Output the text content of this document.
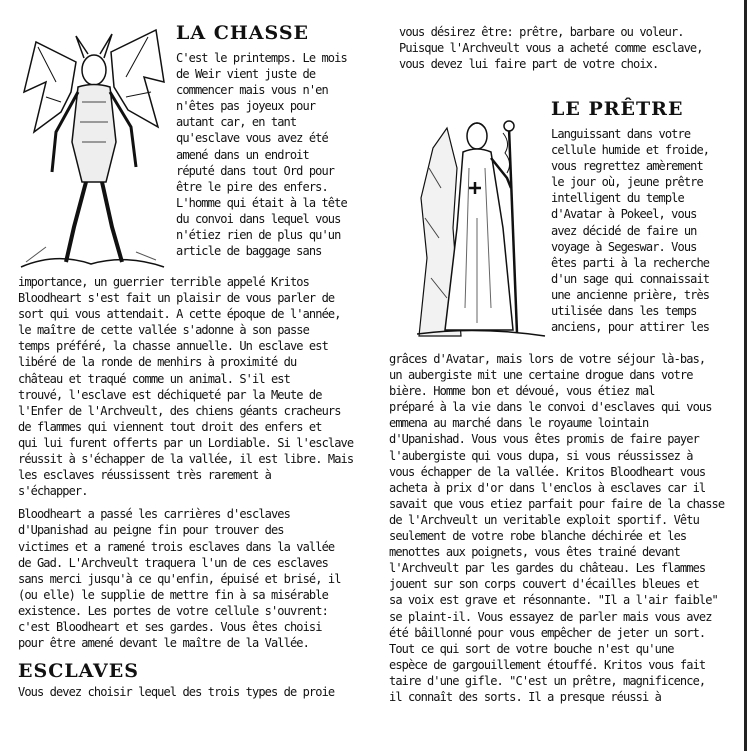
LA CHASSE

C'est le printemps. Le mois

de Weir vient juste de

commencer mais vous n'en

n'êtes pas joyeux pour

autant car, en tant

qu'esclave vous avez été

amené dans un endroit

réputé dans tout Ord pour

être le pire des enfers.

L'homme qui était à la tête

du convoi dans lequel vous

n'étiez rien de plus qu'un

article de baggage sans

importance, un guerrier terrible appelé Kritos

Bloodheart s'est fait un plaisir de vous parler de

sort qui vous attendait. A cette époque de l'année,

le maître de cette vallée s'adonne à son passe

temps préféré, la chasse annuelle. Un esclave est

libéré de la ronde de menhirs à proximité du

château et traqué comme un animal. S'il est

trouvé, l'esclave est déchiqueté par la Meute de

l'Enfer de l'Archveult, des chiens géants cracheurs

de flammes qui viennent tout droit des enfers et

qui lui furent offerts par un Lordiable. Si l'esclave

réussit à s'échapper de la vallée, il est libre. Mais

les esclaves réussissent très rarement à

s'échapper.

Bloodheart a passé les carrières d'esclaves

d'Upanishad au peigne fin pour trouver des

victimes et a ramené trois esclaves dans la vallée

de Gad. L'Archveult traquera l'un de ces esclaves

sans merci jusqu'à ce qu'enfin, épuisé et brisé, il

(ou elle) le supplie de mettre fin à sa misérable

existence. Les portes de votre cellule s'ouvrent:

c'est Bloodheart et ses gardes. Vous êtes choisi

pour être amené devant le maître de la Vallée.

ESCLAVES

Vous devez choisir lequel des trois types de proie

vous désirez être: prêtre, barbare ou voleur.

Puisque l'Archveult vous a acheté comme esclave,

vous devez lui faire part de votre choix.

LE PRÊTRE

Languissant dans votre

cellule humide et froide,

vous regrettez amèrement

le jour où, jeune prêtre

intelligent du temple

d'Avatar à Pokeel, vous

avez décidé de faire un

voyage à Segeswar. Vous

êtes parti à la recherche

d'un sage qui connaissait

une ancienne prière, très

utilisée dans les temps

anciens, pour attirer les

grâces d'Avatar, mais lors de votre séjour là-bas,

un aubergiste mit une certaine drogue dans votre

bière. Homme bon et dévoué, vous étiez mal

préparé à la vie dans le convoi d'esclaves qui vous

emmena au marché dans le royaume lointain

d'Upanishad. Vous vous êtes promis de faire payer

l'aubergiste qui vous dupa, si vous réussissez à

vous échapper de la vallée. Kritos Bloodheart vous

acheta à prix d'or dans l'enclos à esclaves car il

savait que vous etiez parfait pour faire de la chasse

de l'Archveult un veritable exploit sportif. Vêtu

seulement de votre robe blanche déchirée et les

menottes aux poignets, vous êtes trainé devant

l'Archveult par les gardes du château. Les flammes

jouent sur son corps couvert d'écailles bleues et

sa voix est grave et résonnante. "Il a l'air faible"

se plaint-il. Vous essayez de parler mais vous avez

été bâillonné pour vous empêcher de jeter un sort.

Tout ce qui sort de votre bouche n'est qu'une

espèce de gargouillement étouffé. Kritos vous fait

taire d'une gifle. "C'est un prêtre, magnificence,

il connaît des sorts. Il a presque réussi à
